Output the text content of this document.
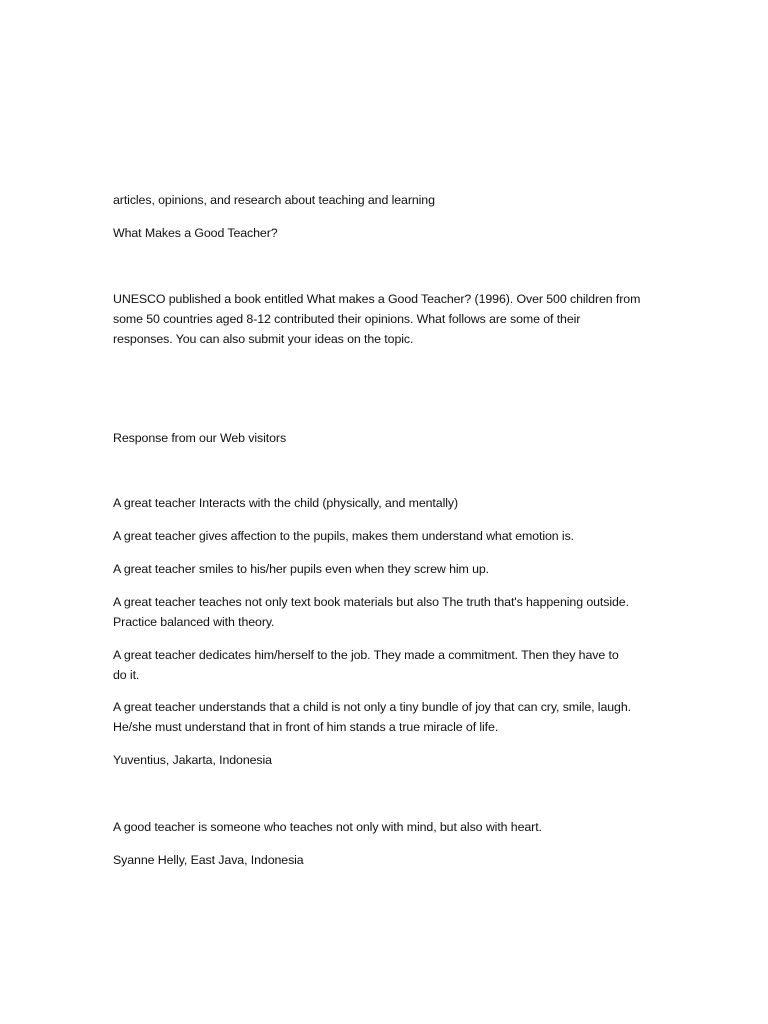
articles, opinions, and research about teaching and learning

What Makes a Good Teacher?

UNESCO published a book entitled What makes a Good Teacher? (1996). Over 500 children from
some 50 countries aged 8-12 contributed their opinions. What follows are some of their
responses. You can also submit your ideas on the topic.

Response from our Web visitors

A great teacher Interacts with the child (physically, and mentally)

A great teacher gives affection to the pupils, makes them understand what emotion is.

A great teacher smiles to his/her pupils even when they screw him up.

A great teacher teaches not only text book materials but also The truth that's happening outside.
Practice balanced with theory.

A great teacher dedicates him/herself to the job. They made a commitment. Then they have to
do it.

A great teacher understands that a child is not only a tiny bundle of joy that can cry, smile, laugh.
He/she must understand that in front of him stands a true miracle of life.

Yuventius, Jakarta, Indonesia

A good teacher is someone who teaches not only with mind, but also with heart.

Syanne Helly, East Java, Indonesia
